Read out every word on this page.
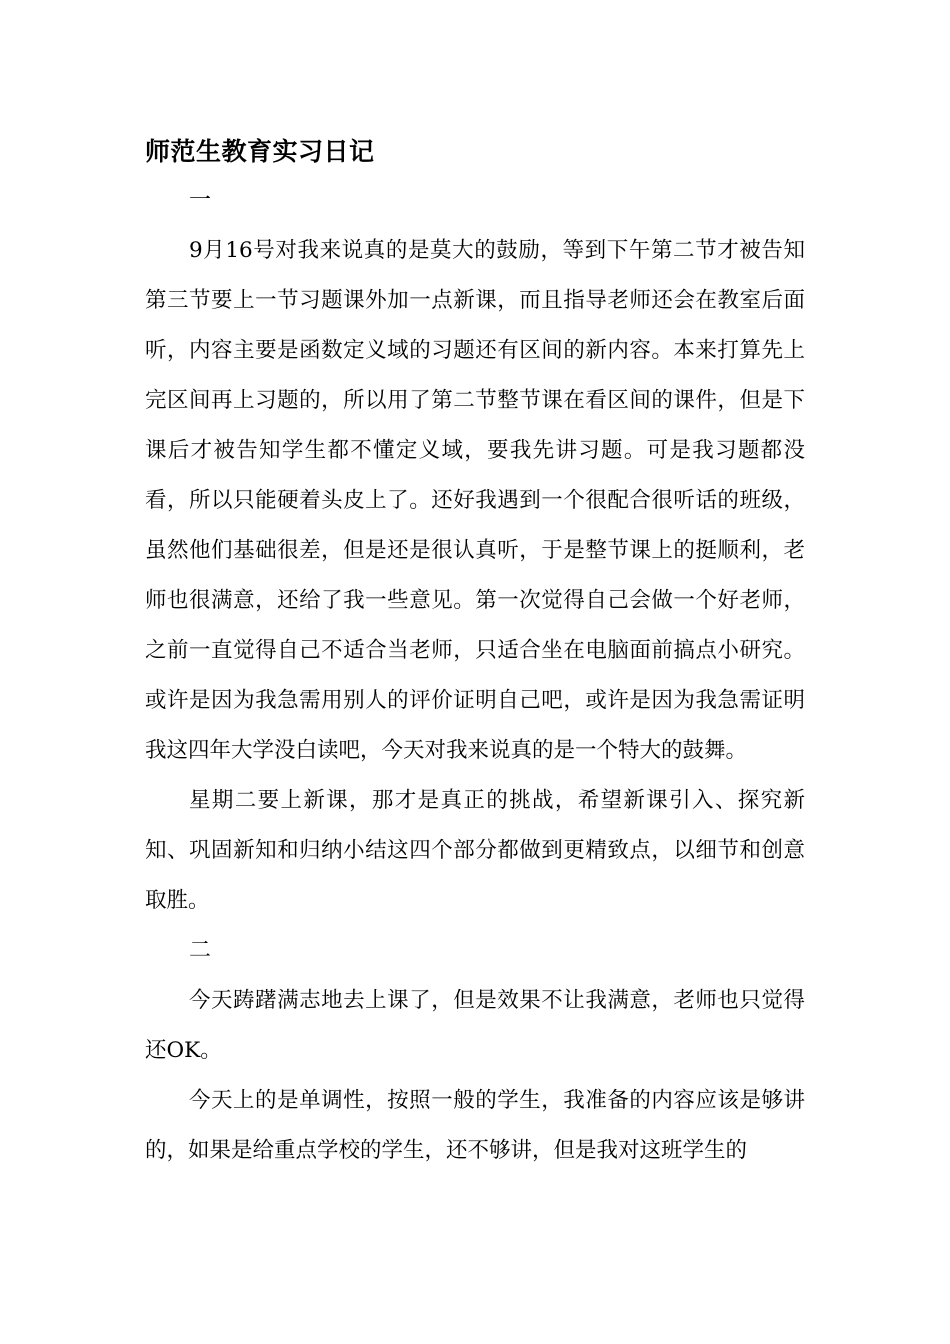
师范生教育实习日记

一

9月16号对我来说真的是莫大的鼓励，等到下午第二节才被告知第三节要上一节习题课外加一点新课，而且指导老师还会在教室后面听，内容主要是函数定义域的习题还有区间的新内容。本来打算先上完区间再上习题的，所以用了第二节整节课在看区间的课件，但是下课后才被告知学生都不懂定义域，要我先讲习题。可是我习题都没看，所以只能硬着头皮上了。还好我遇到一个很配合很听话的班级，虽然他们基础很差，但是还是很认真听，于是整节课上的挺顺利，老师也很满意，还给了我一些意见。第一次觉得自己会做一个好老师，之前一直觉得自己不适合当老师，只适合坐在电脑面前搞点小研究。或许是因为我急需用别人的评价证明自己吧，或许是因为我急需证明我这四年大学没白读吧，今天对我来说真的是一个特大的鼓舞。

星期二要上新课，那才是真正的挑战，希望新课引入、探究新知、巩固新知和归纳小结这四个部分都做到更精致点，以细节和创意取胜。

二

今天踌躇满志地去上课了，但是效果不让我满意，老师也只觉得还OK。

今天上的是单调性，按照一般的学生，我准备的内容应该是够讲的，如果是给重点学校的学生，还不够讲，但是我对这班学生的
